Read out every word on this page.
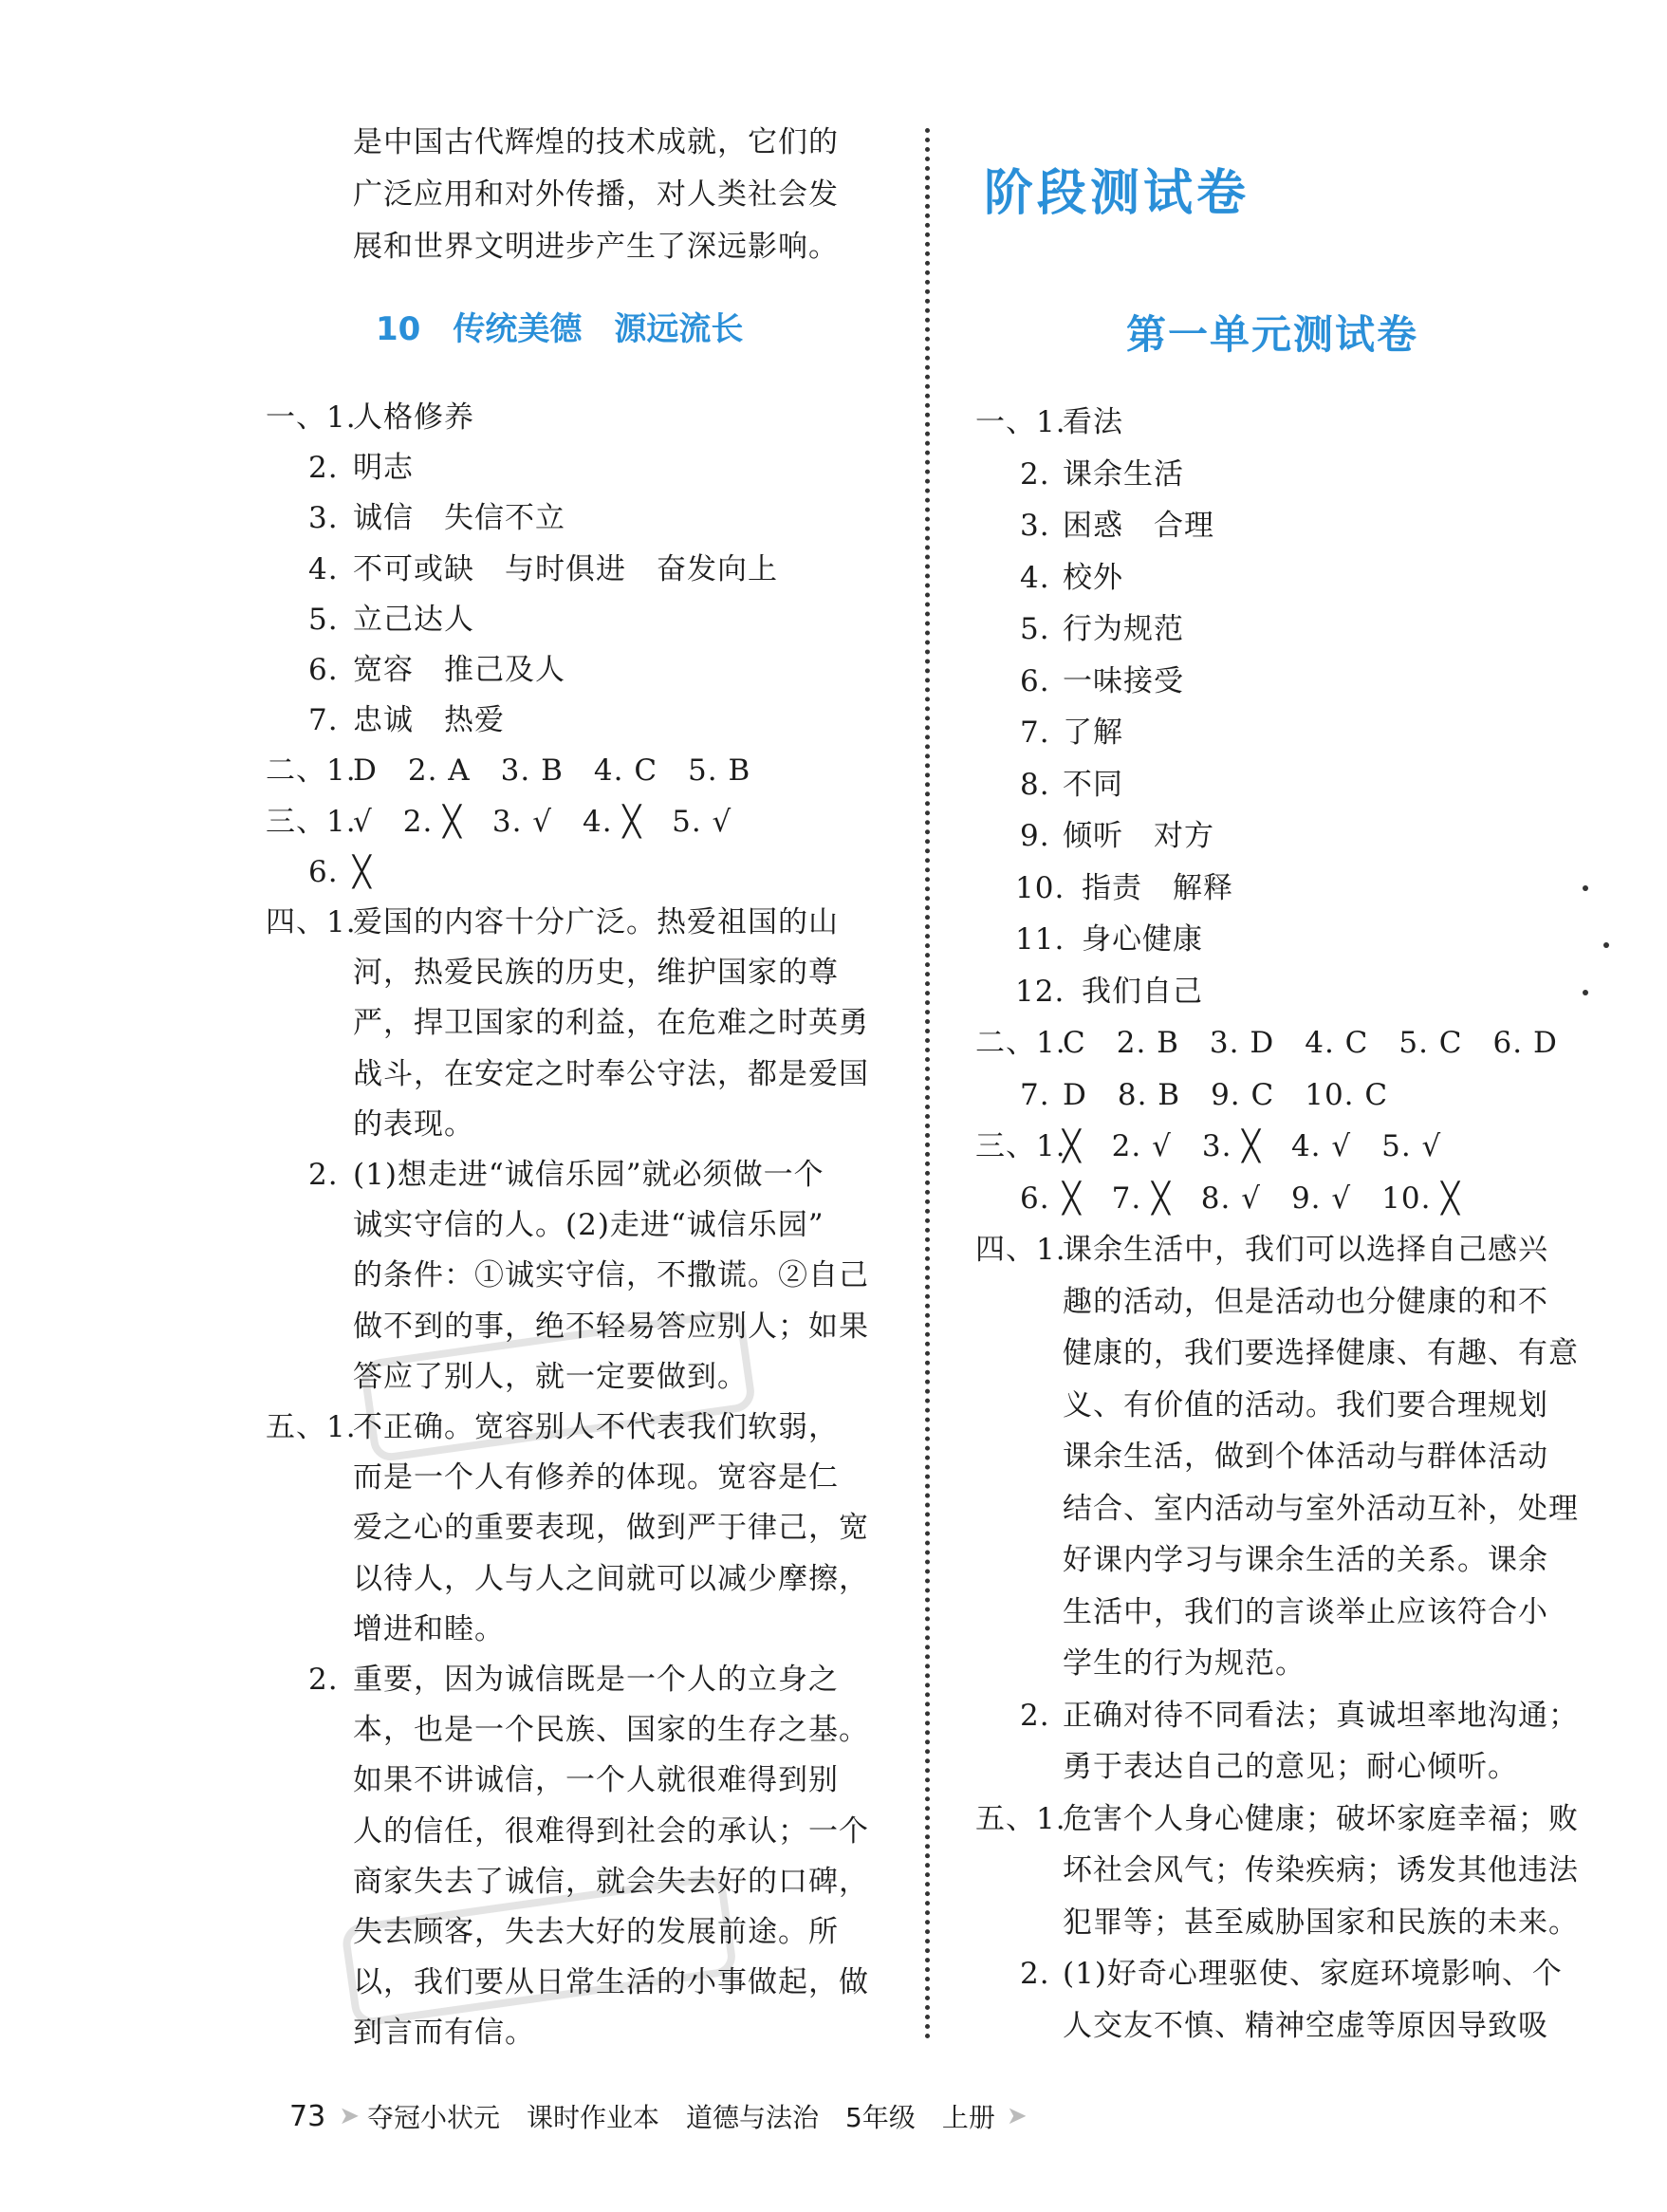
73 ➤ 夺冠小状元 课时作业本 道德与法治 5年级 上册 ➤
是中国古代辉煌的技术成就，它们的
广泛应用和对外传播，对人类社会发
展和世界文明进步产生了深远影响。
10　传统美德　源远流长
一、1.
人格修养
2. 明志
3. 诚信　失信不立
4. 不可或缺　与时俱进　奋发向上
5. 立己达人
6. 宽容　推己及人
7. 忠诚　热爱
二、1.
D　2. A　3. B　4. C　5. B
三、1.
√　2. ╳　3. √　4. ╳　5. √
6. ╳
四、1.
爱国的内容十分广泛。热爱祖国的山
河，热爱民族的历史，维护国家的尊
严，捍卫国家的利益，在危难之时英勇
战斗，在安定之时奉公守法，都是爱国
的表现。
2. (1)想走进“诚信乐园”就必须做一个
诚实守信的人。(2)走进“诚信乐园”
的条件：①诚实守信，不撒谎。②自己
做不到的事，绝不轻易答应别人；如果
答应了别人，就一定要做到。
五、1.
不正确。宽容别人不代表我们软弱，
而是一个人有修养的体现。宽容是仁
爱之心的重要表现，做到严于律己，宽
以待人，人与人之间就可以减少摩擦，
增进和睦。
2. 重要，因为诚信既是一个人的立身之
本，也是一个民族、国家的生存之基。
如果不讲诚信，一个人就很难得到别
人的信任，很难得到社会的承认；一个
商家失去了诚信，就会失去好的口碑，
失去顾客，失去大好的发展前途。所
以，我们要从日常生活的小事做起，做
到言而有信。
阶段测试卷
第一单元测试卷
一、1.
看法
2. 课余生活
3. 困惑　合理
4. 校外
5. 行为规范
6. 一味接受
7. 了解
8. 不同
9. 倾听　对方
10. 指责　解释
11. 身心健康
12. 我们自己
二、1.
C　2. B　3. D　4. C　5. C　6. D
7. D　8. B　9. C　10. C
三、1.
╳　2. √　3. ╳　4. √　5. √
6. ╳　7. ╳　8. √　9. √　10. ╳
四、1.
课余生活中，我们可以选择自己感兴
趣的活动，但是活动也分健康的和不
健康的，我们要选择健康、有趣、有意
义、有价值的活动。我们要合理规划
课余生活，做到个体活动与群体活动
结合、室内活动与室外活动互补，处理
好课内学习与课余生活的关系。课余
生活中，我们的言谈举止应该符合小
学生的行为规范。
2. 正确对待不同看法；真诚坦率地沟通；
勇于表达自己的意见；耐心倾听。
五、1.
危害个人身心健康；破坏家庭幸福；败
坏社会风气；传染疾病；诱发其他违法
犯罪等；甚至威胁国家和民族的未来。
2. (1)好奇心理驱使、家庭环境影响、个
人交友不慎、精神空虚等原因导致吸
